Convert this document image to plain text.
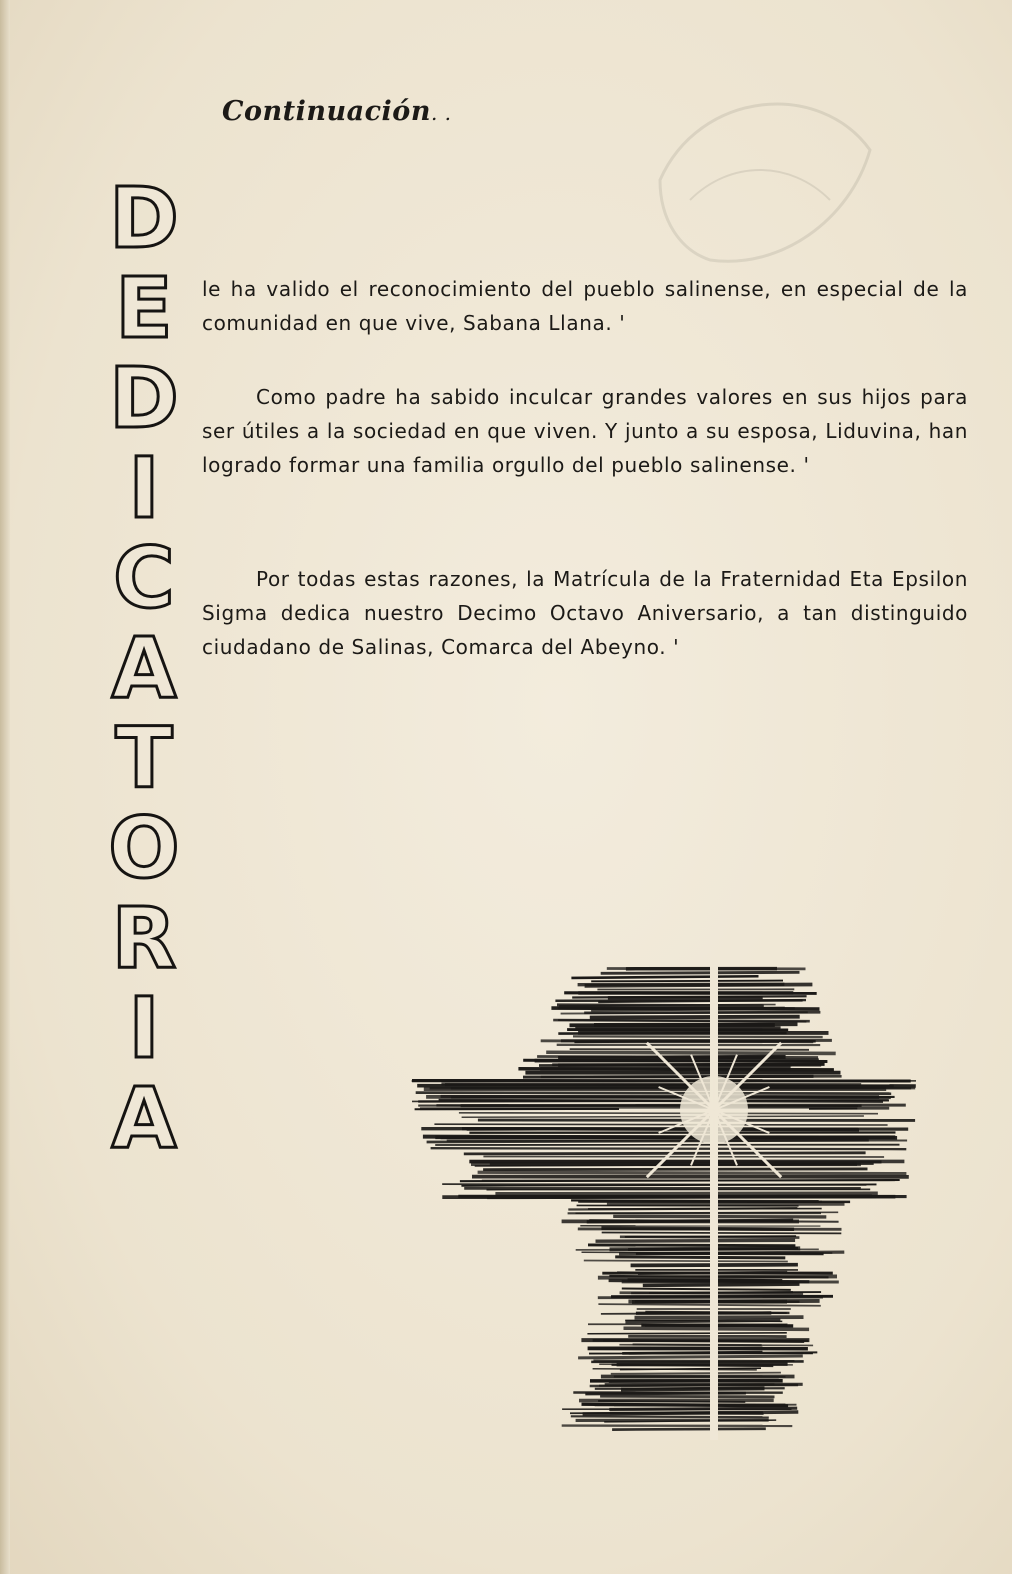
Continuación. .
D
E
D
I
C
A
T
O
R
I
A
le ha valido el reconocimiento del pueblo salinense, en especial de la comunidad en que vive, Sabana Llana. '
Como padre ha sabido inculcar grandes valores en sus hijos para ser útiles a la sociedad en que viven. Y junto a su esposa, Liduvina, han logrado formar una familia orgullo del pueblo salinense. '
Por todas estas razones, la Matrícula de la Fraternidad Eta Epsilon Sigma dedica nuestro Decimo Octavo Aniversario, a tan distinguido ciudadano de Salinas, Comarca del Abeyno. '
